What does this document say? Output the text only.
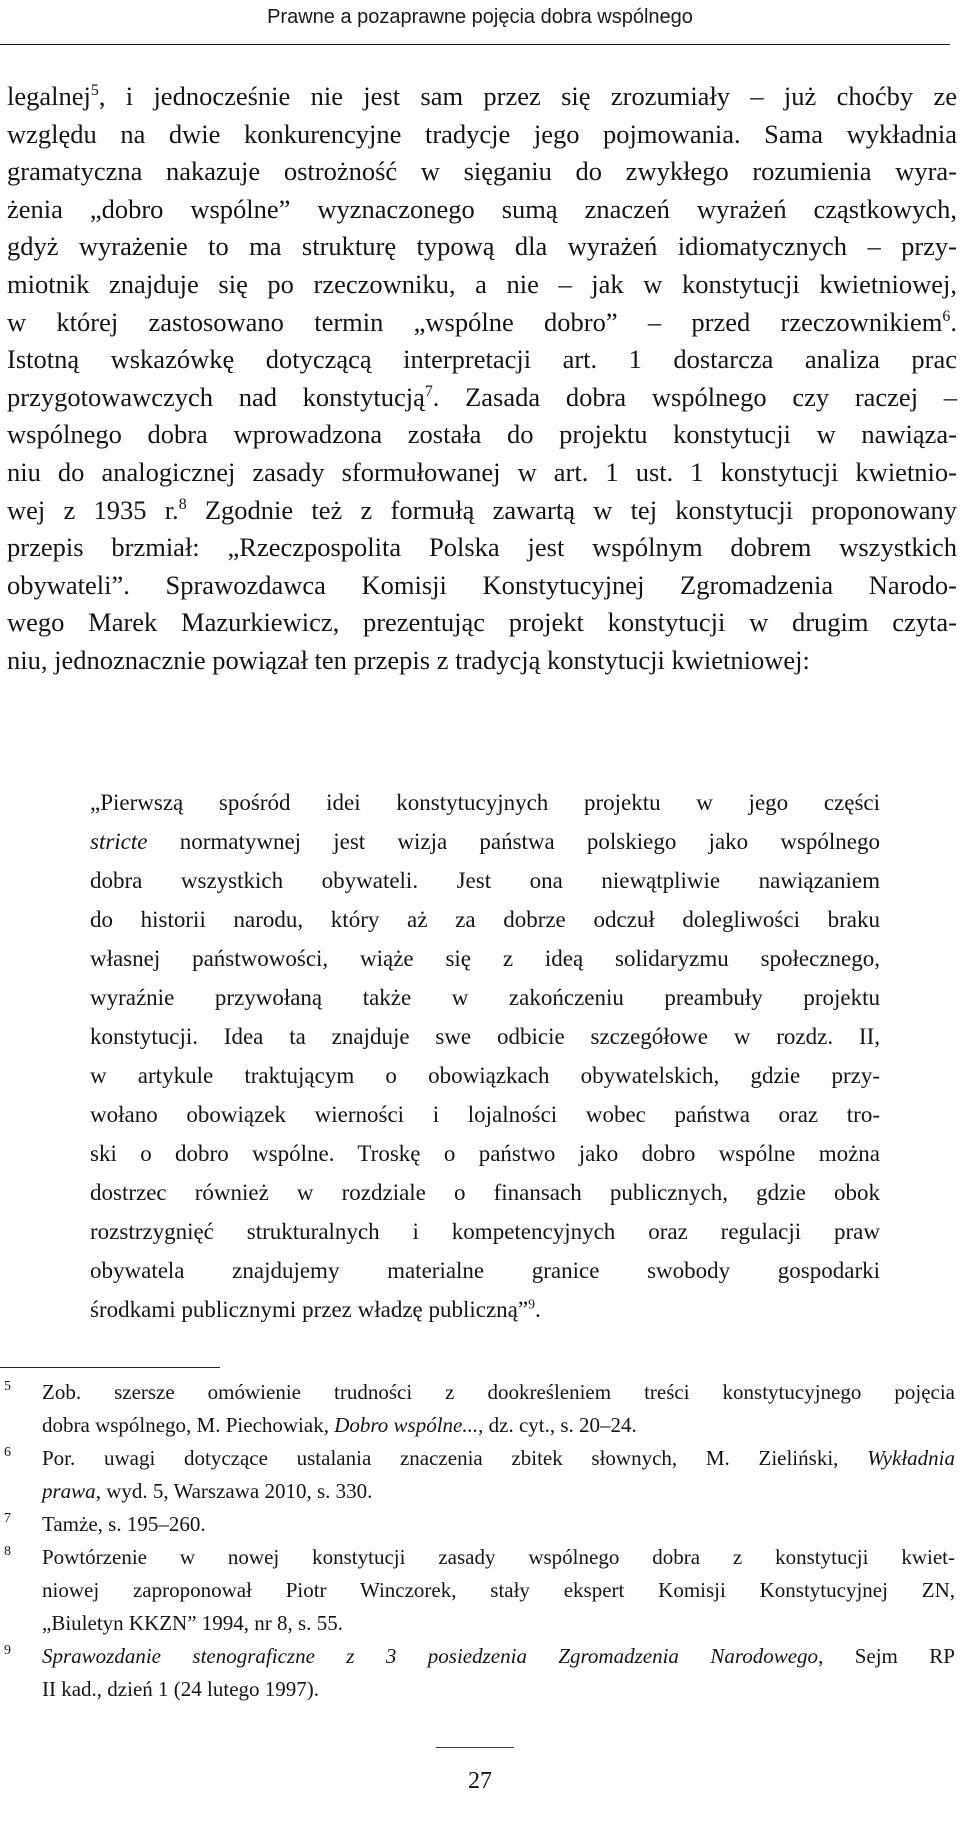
Prawne a pozaprawne pojęcia dobra wspólnego
legalnej$^5$, i jednocześnie nie jest sam przez się zrozumiały – już choćby ze
względu na dwie konkurencyjne tradycje jego pojmowania. Sama wykładnia
gramatyczna nakazuje ostrożność w sięganiu do zwykłego rozumienia wyra-
żenia „dobro wspólne” wyznaczonego sumą znaczeń wyrażeń cząstkowych,
gdyż wyrażenie to ma strukturę typową dla wyrażeń idiomatycznych – przy-
miotnik znajduje się po rzeczowniku, a nie – jak w konstytucji kwietniowej,
w której zastosowano termin „wspólne dobro” – przed rzeczownikiem$^6$.
Istotną wskazówkę dotyczącą interpretacji art. 1 dostarcza analiza prac
przygotowawczych nad konstytucją$^7$. Zasada dobra wspólnego czy raczej –
wspólnego dobra wprowadzona została do projektu konstytucji w nawiąza-
niu do analogicznej zasady sformułowanej w art. 1 ust. 1 konstytucji kwietnio-
wej z 1935 r.$^8$ Zgodnie też z formułą zawartą w tej konstytucji proponowany
przepis brzmiał: „Rzeczpospolita Polska jest wspólnym dobrem wszystkich
obywateli”. Sprawozdawca Komisji Konstytucyjnej Zgromadzenia Narodo-
wego Marek Mazurkiewicz, prezentując projekt konstytucji w drugim czyta-
niu, jednoznacznie powiązał ten przepis z tradycją konstytucji kwietniowej:
„Pierwszą spośród idei konstytucyjnych projektu w jego części
stricte normatywnej jest wizja państwa polskiego jako wspólnego
dobra wszystkich obywateli. Jest ona niewątpliwie nawiązaniem
do historii narodu, który aż za dobrze odczuł dolegliwości braku
własnej państwowości, wiąże się z ideą solidaryzmu społecznego,
wyraźnie przywołaną także w zakończeniu preambuły projektu
konstytucji. Idea ta znajduje swe odbicie szczegółowe w rozdz. II,
w artykule traktującym o obowiązkach obywatelskich, gdzie przy-
wołano obowiązek wierności i lojalności wobec państwa oraz tro-
ski o dobro wspólne. Troskę o państwo jako dobro wspólne można
dostrzec również w rozdziale o finansach publicznych, gdzie obok
rozstrzygnięć strukturalnych i kompetencyjnych oraz regulacji praw
obywatela znajdujemy materialne granice swobody gospodarki
środkami publicznymi przez władzę publiczną”$^9$.
5 Zob. szersze omówienie trudności z dookreśleniem treści konstytucyjnego pojęcia
dobra wspólnego, M. Piechowiak, Dobro wspólne..., dz. cyt., s. 20–24.
6 Por. uwagi dotyczące ustalania znaczenia zbitek słownych, M. Zieliński, Wykładnia
prawa, wyd. 5, Warszawa 2010, s. 330.
7 Tamże, s. 195–260.
8 Powtórzenie w nowej konstytucji zasady wspólnego dobra z konstytucji kwiet-
niowej zaproponował Piotr Winczorek, stały ekspert Komisji Konstytucyjnej ZN,
„Biuletyn KKZN” 1994, nr 8, s. 55.
9 Sprawozdanie stenograficzne z 3 posiedzenia Zgromadzenia Narodowego, Sejm RP
II kad., dzień 1 (24 lutego 1997).
27
